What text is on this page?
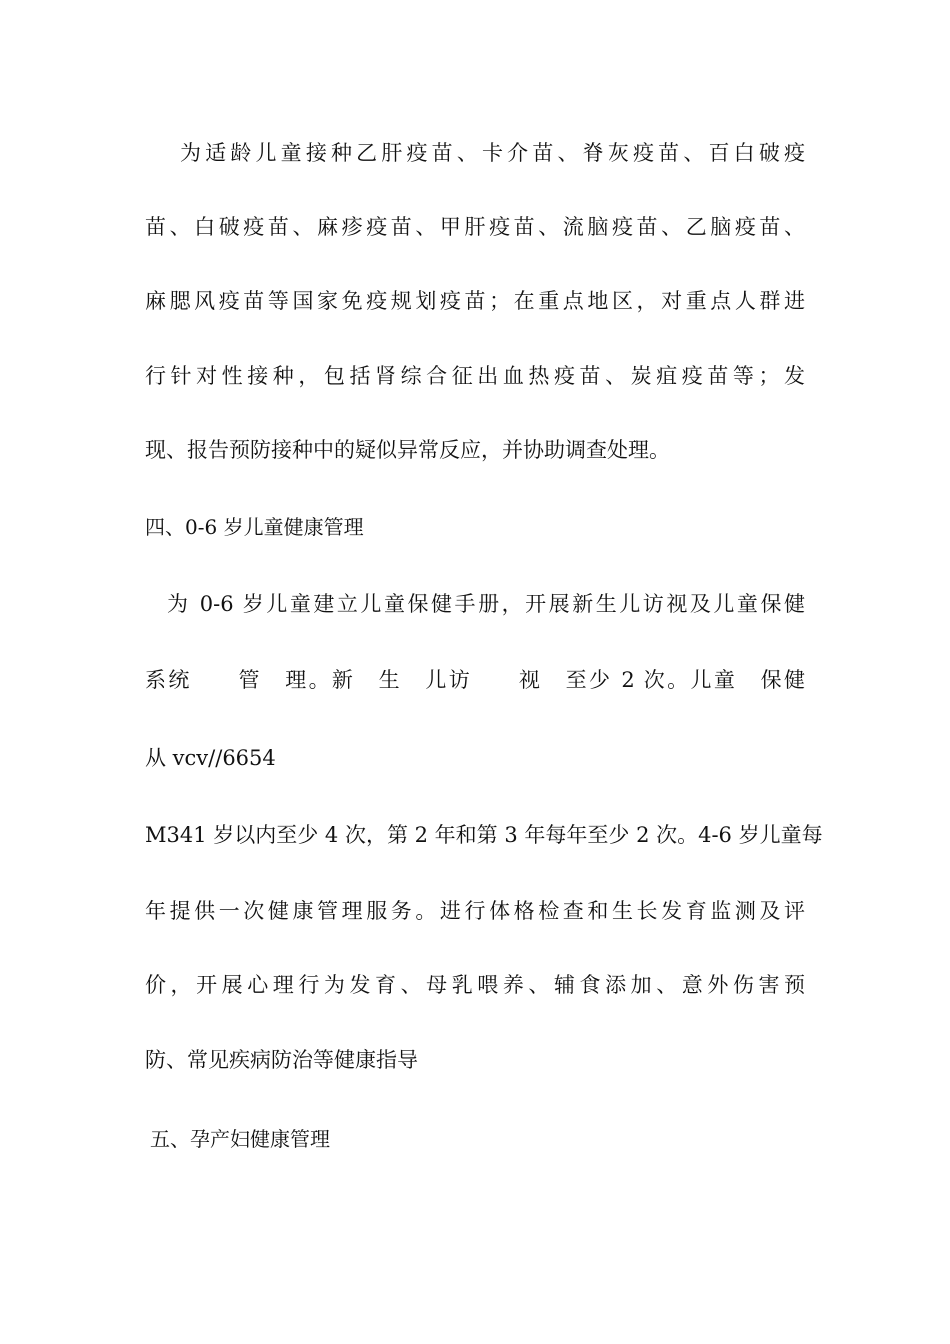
为适龄儿童接种乙肝疫苗、卡介苗、脊灰疫苗、百白破疫
苗、白破疫苗、麻疹疫苗、甲肝疫苗、流脑疫苗、乙脑疫苗、
麻腮风疫苗等国家免疫规划疫苗；在重点地区，对重点人群进
行针对性接种，包括肾综合征出血热疫苗、炭疽疫苗等；发
现、报告预防接种中的疑似异常反应，并协助调查处理。
四、0-6 岁儿童健康管理
为 0-6 岁儿童建立儿童保健手册，开展新生儿访视及儿童保健
系统　　管　理。新　生　儿访　　视　至少 2 次。儿童　保健
从 vcv//6654
M341 岁以内至少 4 次，第 2 年和第 3 年每年至少 2 次。4-6 岁儿童每
年提供一次健康管理服务。进行体格检查和生长发育监测及评
价，开展心理行为发育、母乳喂养、辅食添加、意外伤害预
防、常见疾病防治等健康指导
五、孕产妇健康管理
